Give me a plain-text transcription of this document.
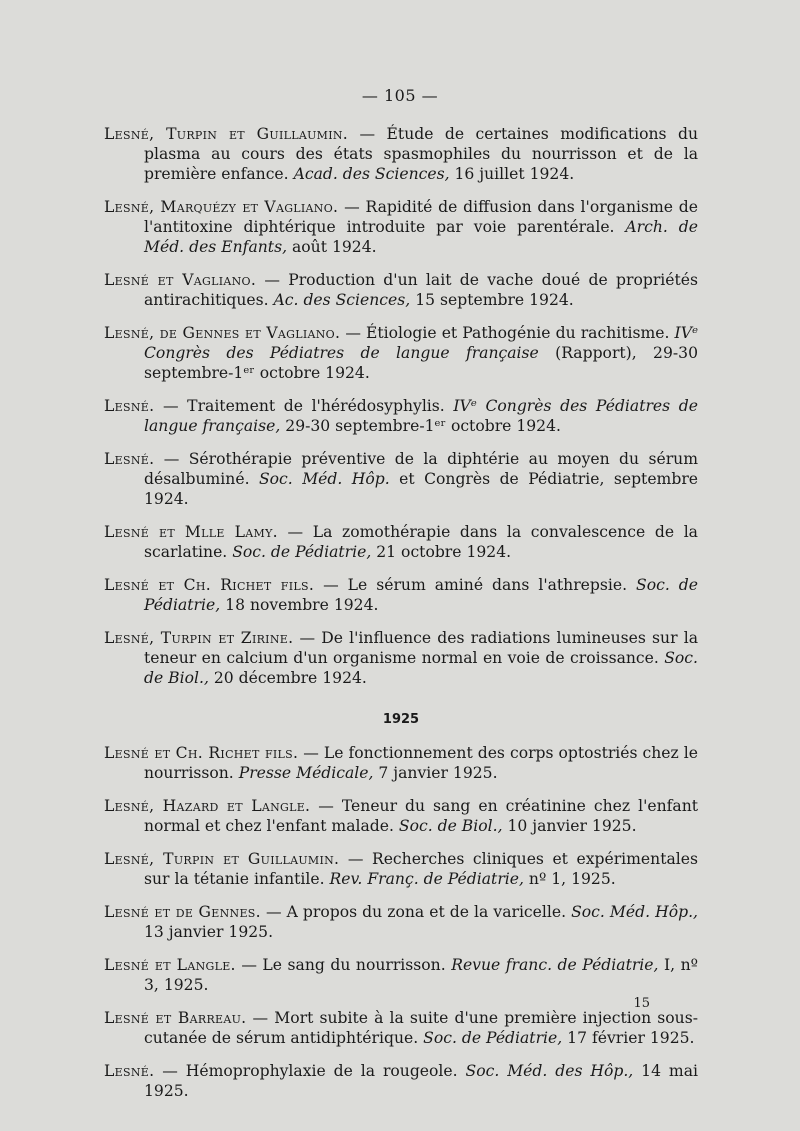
— 105 —

Lesné, Turpin et Guillaumin. — Étude de certaines modifications du plasma au cours des états spasmophiles du nourrisson et de la première enfance. Acad. des Sciences, 16 juillet 1924.

Lesné, Marquézy et Vagliano. — Rapidité de diffusion dans l'organisme de l'antitoxine diphtérique introduite par voie parentérale. Arch. de Méd. des Enfants, août 1924.

Lesné et Vagliano. — Production d'un lait de vache doué de propriétés antirachitiques. Ac. des Sciences, 15 septembre 1924.

Lesné, de Gennes et Vagliano. — Étiologie et Pathogénie du rachitisme. IVᵉ Congrès des Pédiatres de langue française (Rapport), 29-30 septembre-1ᵉʳ octobre 1924.

Lesné. — Traitement de l'hérédosyphylis. IVᵉ Congrès des Pédiatres de langue française, 29-30 septembre-1ᵉʳ octobre 1924.

Lesné. — Sérothérapie préventive de la diphtérie au moyen du sérum désalbuminé. Soc. Méd. Hôp. et Congrès de Pédiatrie, septembre 1924.

Lesné et Mlle Lamy. — La zomothérapie dans la convalescence de la scarlatine. Soc. de Pédiatrie, 21 octobre 1924.

Lesné et Ch. Richet fils. — Le sérum aminé dans l'athrepsie. Soc. de Pédiatrie, 18 novembre 1924.

Lesné, Turpin et Zirine. — De l'influence des radiations lumineuses sur la teneur en calcium d'un organisme normal en voie de croissance. Soc. de Biol., 20 décembre 1924.

1925

Lesné et Ch. Richet fils. — Le fonctionnement des corps optostriés chez le nourrisson. Presse Médicale, 7 janvier 1925.

Lesné, Hazard et Langle. — Teneur du sang en créatinine chez l'enfant normal et chez l'enfant malade. Soc. de Biol., 10 janvier 1925.

Lesné, Turpin et Guillaumin. — Recherches cliniques et expérimentales sur la tétanie infantile. Rev. Franç. de Pédiatrie, nº 1, 1925.

Lesné et de Gennes. — A propos du zona et de la varicelle. Soc. Méd. Hôp., 13 janvier 1925.

Lesné et Langle. — Le sang du nourrisson. Revue franc. de Pédiatrie, I, nº 3, 1925.

Lesné et Barreau. — Mort subite à la suite d'une première injection sous-cutanée de sérum antidiphtérique. Soc. de Pédiatrie, 17 février 1925.

Lesné. — Hémoprophylaxie de la rougeole. Soc. Méd. des Hôp., 14 mai 1925.

15
